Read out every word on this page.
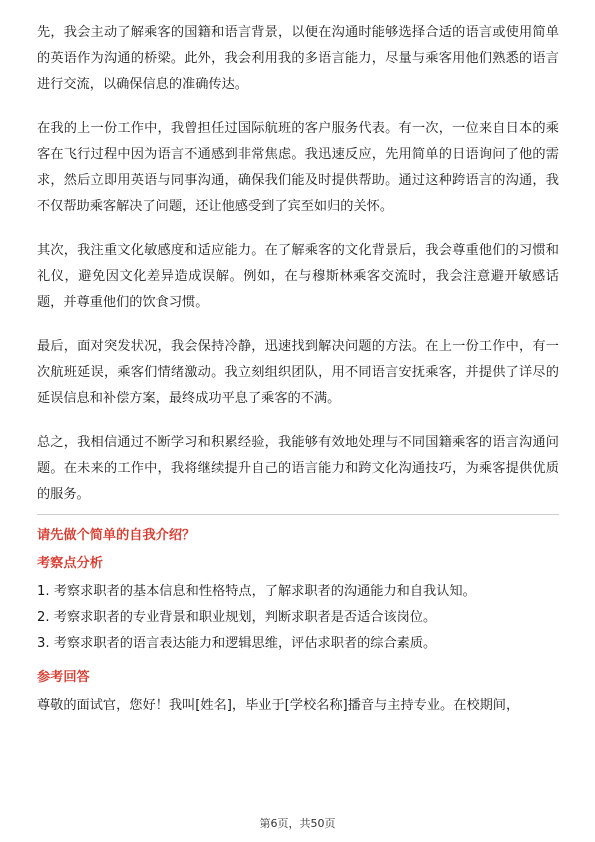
先，我会主动了解乘客的国籍和语言背景，以便在沟通时能够选择合适的语言或使用简单的英语作为沟通的桥梁。此外，我会利用我的多语言能力，尽量与乘客用他们熟悉的语言进行交流，以确保信息的准确传达。

在我的上一份工作中，我曾担任过国际航班的客户服务代表。有一次，一位来自日本的乘客在飞行过程中因为语言不通感到非常焦虑。我迅速反应，先用简单的日语询问了他的需求，然后立即用英语与同事沟通，确保我们能及时提供帮助。通过这种跨语言的沟通，我不仅帮助乘客解决了问题，还让他感受到了宾至如归的关怀。

其次，我注重文化敏感度和适应能力。在了解乘客的文化背景后，我会尊重他们的习惯和礼仪，避免因文化差异造成误解。例如，在与穆斯林乘客交流时，我会注意避开敏感话题，并尊重他们的饮食习惯。

最后，面对突发状况，我会保持冷静，迅速找到解决问题的方法。在上一份工作中，有一次航班延误，乘客们情绪激动。我立刻组织团队，用不同语言安抚乘客，并提供了详尽的延误信息和补偿方案，最终成功平息了乘客的不满。

总之，我相信通过不断学习和积累经验，我能够有效地处理与不同国籍乘客的语言沟通问题。在未来的工作中，我将继续提升自己的语言能力和跨文化沟通技巧，为乘客提供优质的服务。

请先做个简单的自我介绍？
考察点分析

1. 考察求职者的基本信息和性格特点，了解求职者的沟通能力和自我认知。

2. 考察求职者的专业背景和职业规划，判断求职者是否适合该岗位。

3. 考察求职者的语言表达能力和逻辑思维，评估求职者的综合素质。

参考回答

尊敬的面试官，您好！我叫[姓名]，毕业于[学校名称]播音与主持专业。在校期间，

第6页，共50页
